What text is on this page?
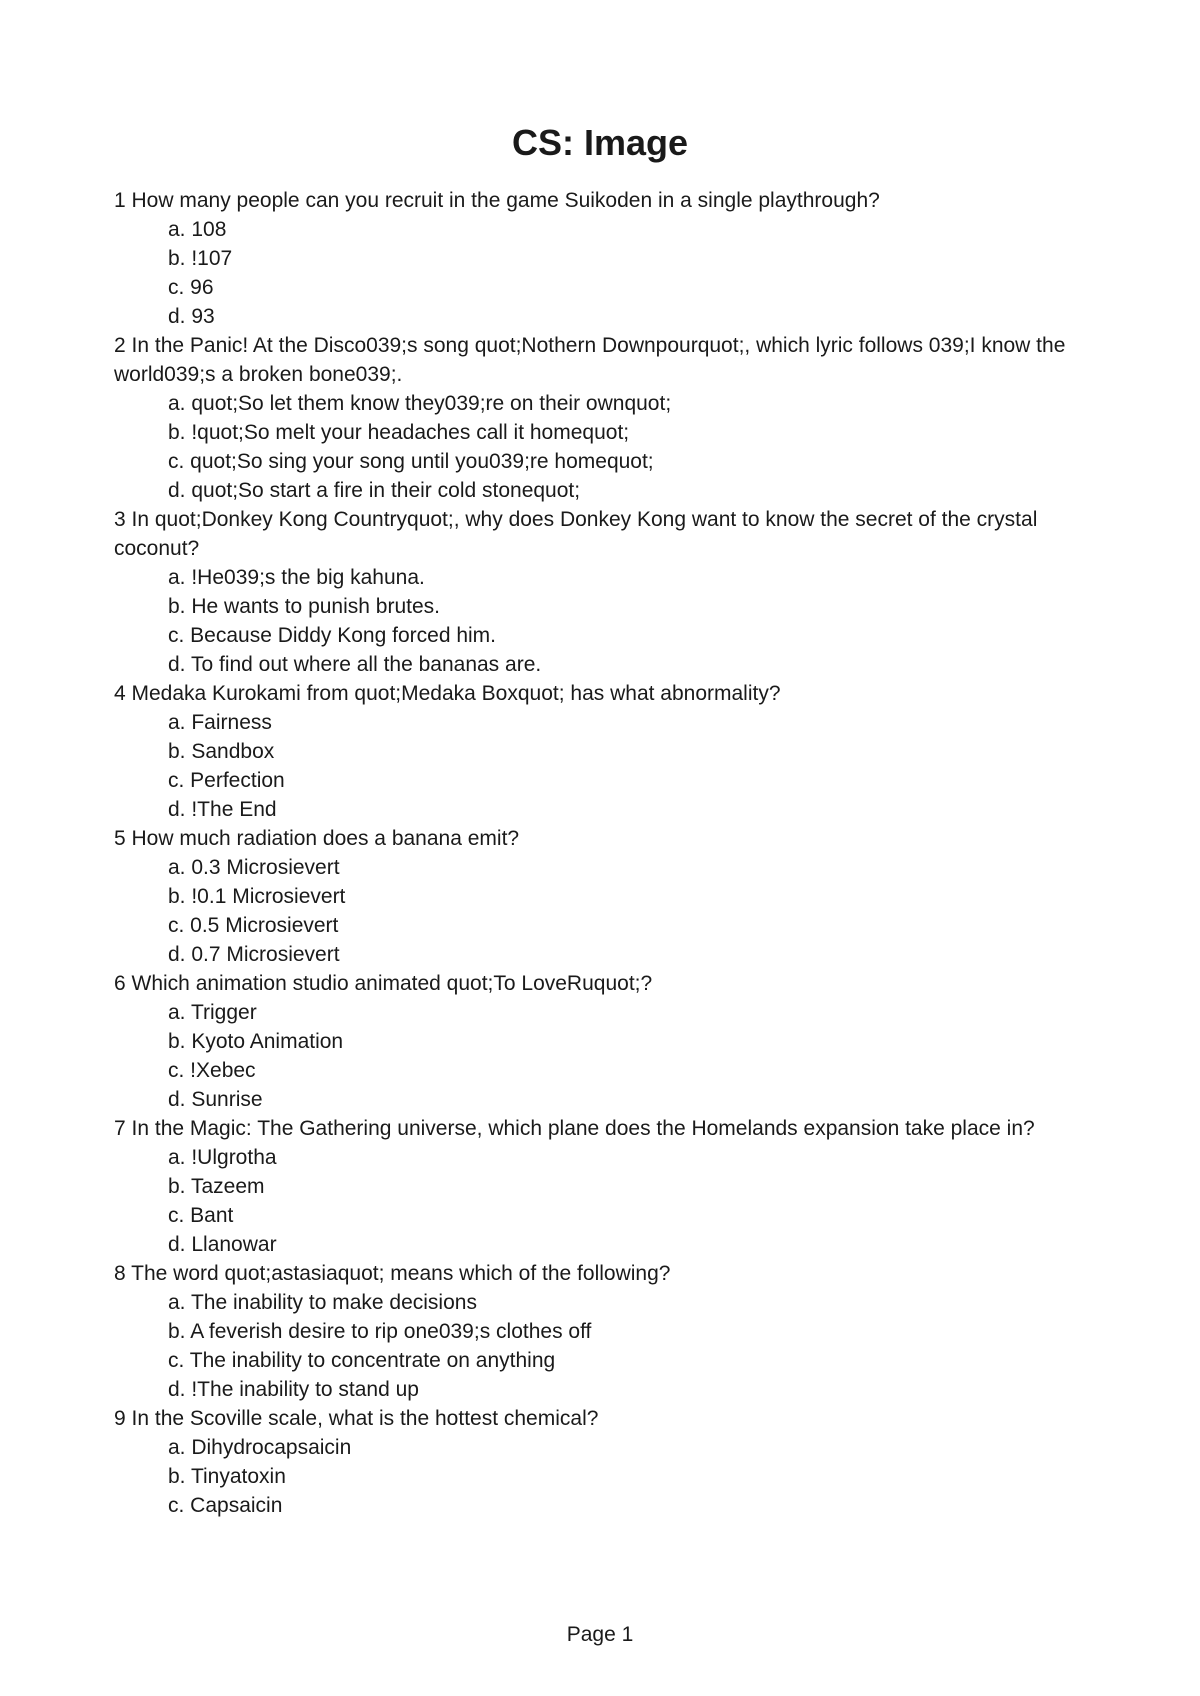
CS: Image

1 How many people can you recruit in the game Suikoden in a single playthrough?

a. 108
b. !107
c. 96
d. 93

2 In the Panic! At the Disco039;s song quot;Nothern Downpourquot;, which lyric follows 039;I know the world039;s a broken bone039;.

a. quot;So let them know they039;re on their ownquot;
b. !quot;So melt your headaches call it homequot;
c. quot;So sing your song until you039;re homequot;
d. quot;So start a fire in their cold stonequot;

3 In quot;Donkey Kong Countryquot;, why does Donkey Kong want to know the secret of the crystal coconut?

a. !He039;s the big kahuna.
b. He wants to punish brutes.
c. Because Diddy Kong forced him.
d. To find out where all the bananas are.

4 Medaka Kurokami from quot;Medaka Boxquot; has what abnormality?

a. Fairness
b. Sandbox
c. Perfection
d. !The End

5 How much radiation does a banana emit?

a. 0.3 Microsievert
b. !0.1 Microsievert
c. 0.5 Microsievert
d. 0.7 Microsievert

6 Which animation studio animated quot;To LoveRuquot;?

a. Trigger
b. Kyoto Animation
c. !Xebec
d. Sunrise

7 In the Magic: The Gathering universe, which plane does the Homelands expansion take place in?

a. !Ulgrotha
b. Tazeem
c. Bant
d. Llanowar

8 The word quot;astasiaquot; means which of the following?

a. The inability to make decisions
b. A feverish desire to rip one039;s clothes off
c. The inability to concentrate on anything
d. !The inability to stand up

9 In the Scoville scale, what is the hottest chemical?

a. Dihydrocapsaicin
b. Tinyatoxin
c. Capsaicin
Page 1
